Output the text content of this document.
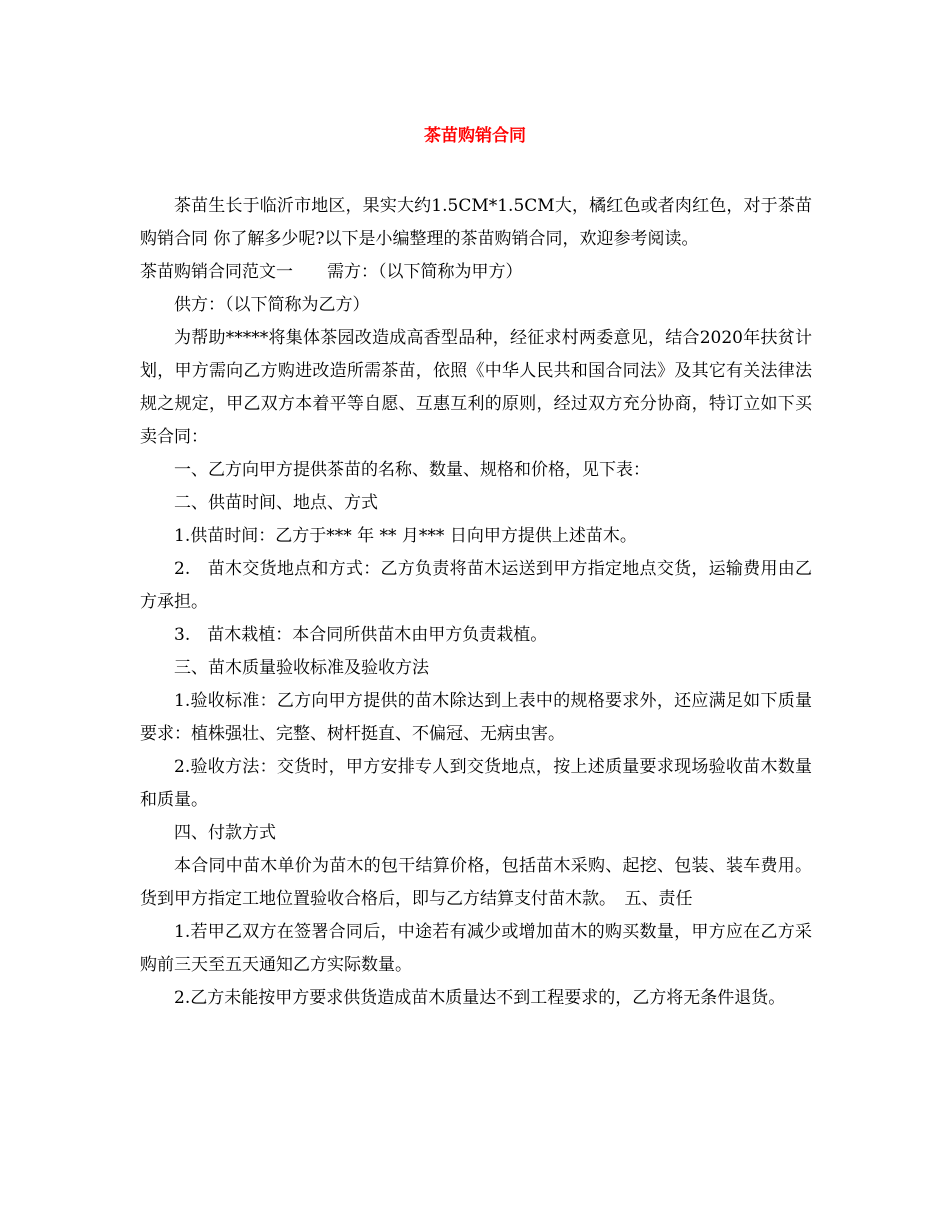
茶苗购销合同

茶苗生长于临沂市地区，果实大约1.5CM*1.5CM大，橘红色或者肉红色，对于茶苗购销合同 你了解多少呢?以下是小编整理的茶苗购销合同，欢迎参考阅读。

茶苗购销合同范文一 需方：（以下简称为甲方）

供方：（以下简称为乙方）

为帮助*****将集体茶园改造成高香型品种，经征求村两委意见，结合2020年扶贫计划，甲方需向乙方购进改造所需茶苗，依照《中华人民共和国合同法》及其它有关法律法规之规定，甲乙双方本着平等自愿、互惠互利的原则，经过双方充分协商，特订立如下买卖合同：

一、乙方向甲方提供茶苗的名称、数量、规格和价格，见下表：

二、供苗时间、地点、方式

1.供苗时间：乙方于*** 年 ** 月*** 日向甲方提供上述苗木。

2.　苗木交货地点和方式：乙方负责将苗木运送到甲方指定地点交货，运输费用由乙方承担。

3.　苗木栽植：本合同所供苗木由甲方负责栽植。

三、苗木质量验收标准及验收方法

1.验收标准：乙方向甲方提供的苗木除达到上表中的规格要求外，还应满足如下质量要求：植株强壮、完整、树杆挺直、不偏冠、无病虫害。

2.验收方法：交货时，甲方安排专人到交货地点，按上述质量要求现场验收苗木数量和质量。

四、付款方式

本合同中苗木单价为苗木的包干结算价格，包括苗木采购、起挖、包装、装车费用。货到甲方指定工地位置验收合格后，即与乙方结算支付苗木款。　五、责任

1.若甲乙双方在签署合同后，中途若有减少或增加苗木的购买数量，甲方应在乙方采购前三天至五天通知乙方实际数量。

2.乙方未能按甲方要求供货造成苗木质量达不到工程要求的，乙方将无条件退货。
